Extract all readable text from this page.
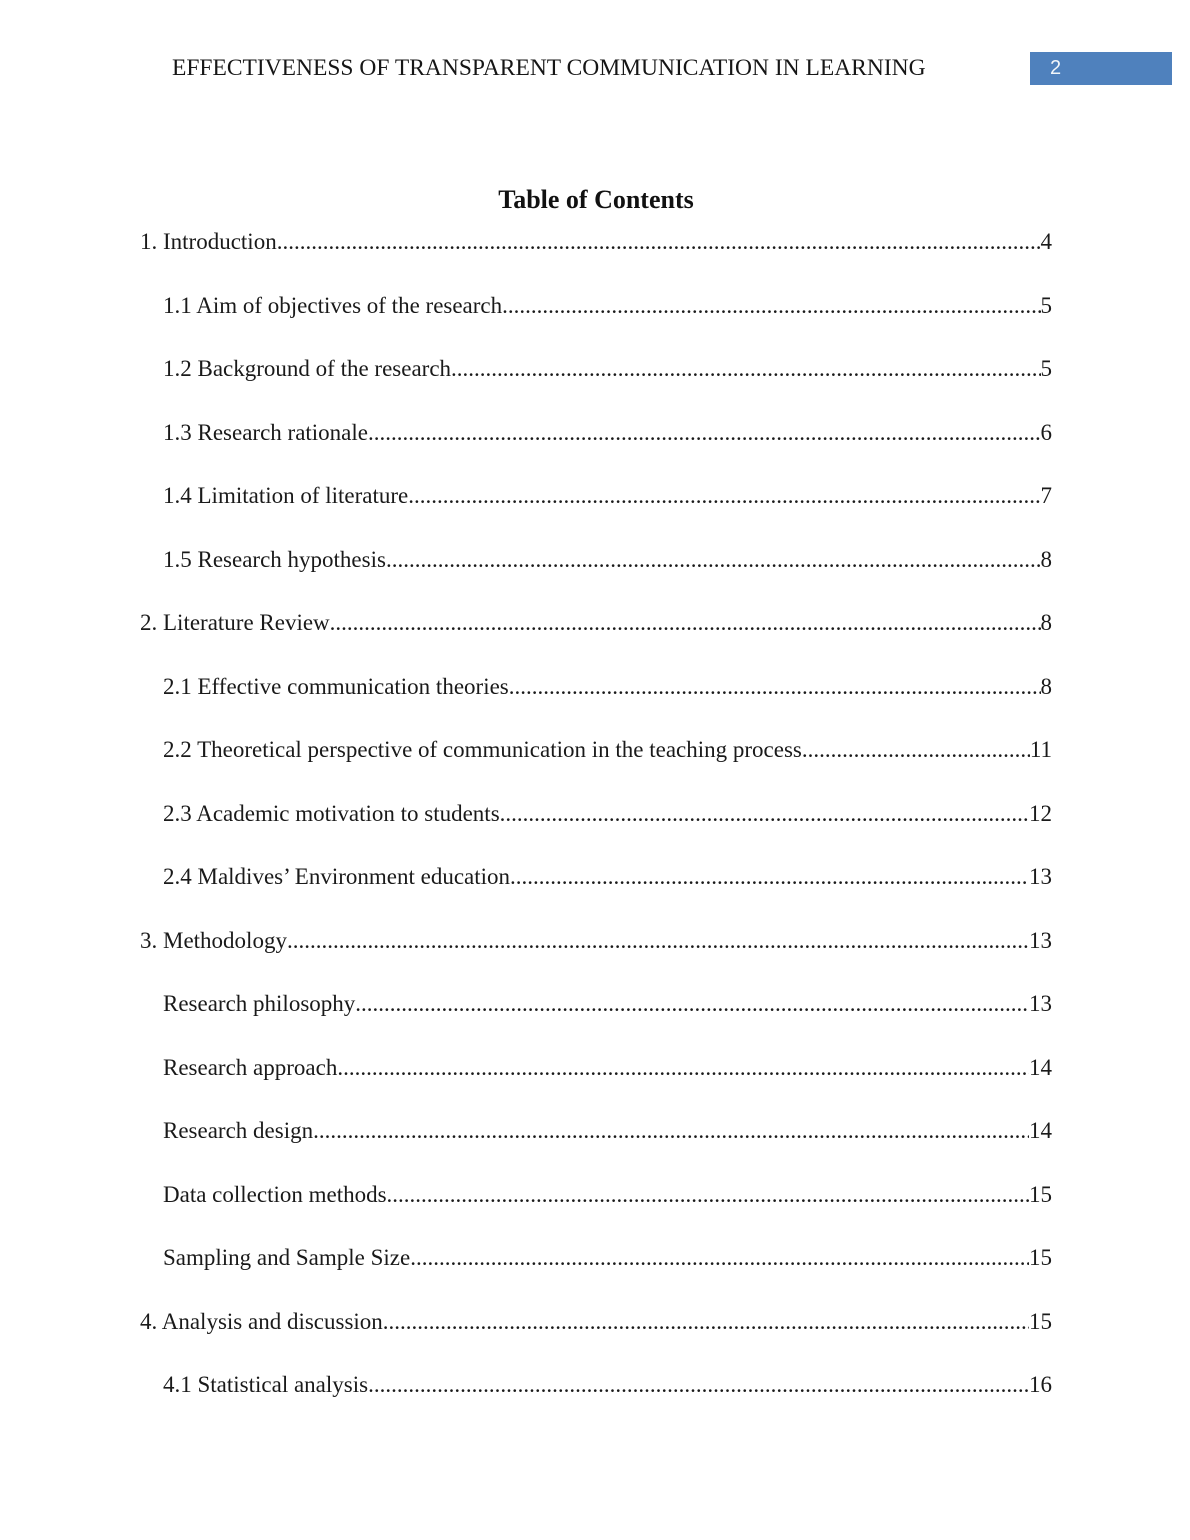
EFFECTIVENESS OF TRANSPARENT COMMUNICATION IN LEARNING	2
Table of Contents
1. Introduction .....	4
1.1 Aim of objectives of the research .....	5
1.2 Background of the research .....	5
1.3 Research rationale .....	6
1.4 Limitation of literature .....	7
1.5 Research hypothesis .....	8
2. Literature Review .....	8
2.1 Effective communication theories .....	8
2.2 Theoretical perspective of communication in the teaching process .....	11
2.3 Academic motivation to students .....	12
2.4 Maldives’ Environment education .....	13
3. Methodology .....	13
Research philosophy .....	13
Research approach .....	14
Research design .....	14
Data collection methods .....	15
Sampling and Sample Size .....	15
4. Analysis and discussion .....	15
4.1 Statistical analysis .....	16
